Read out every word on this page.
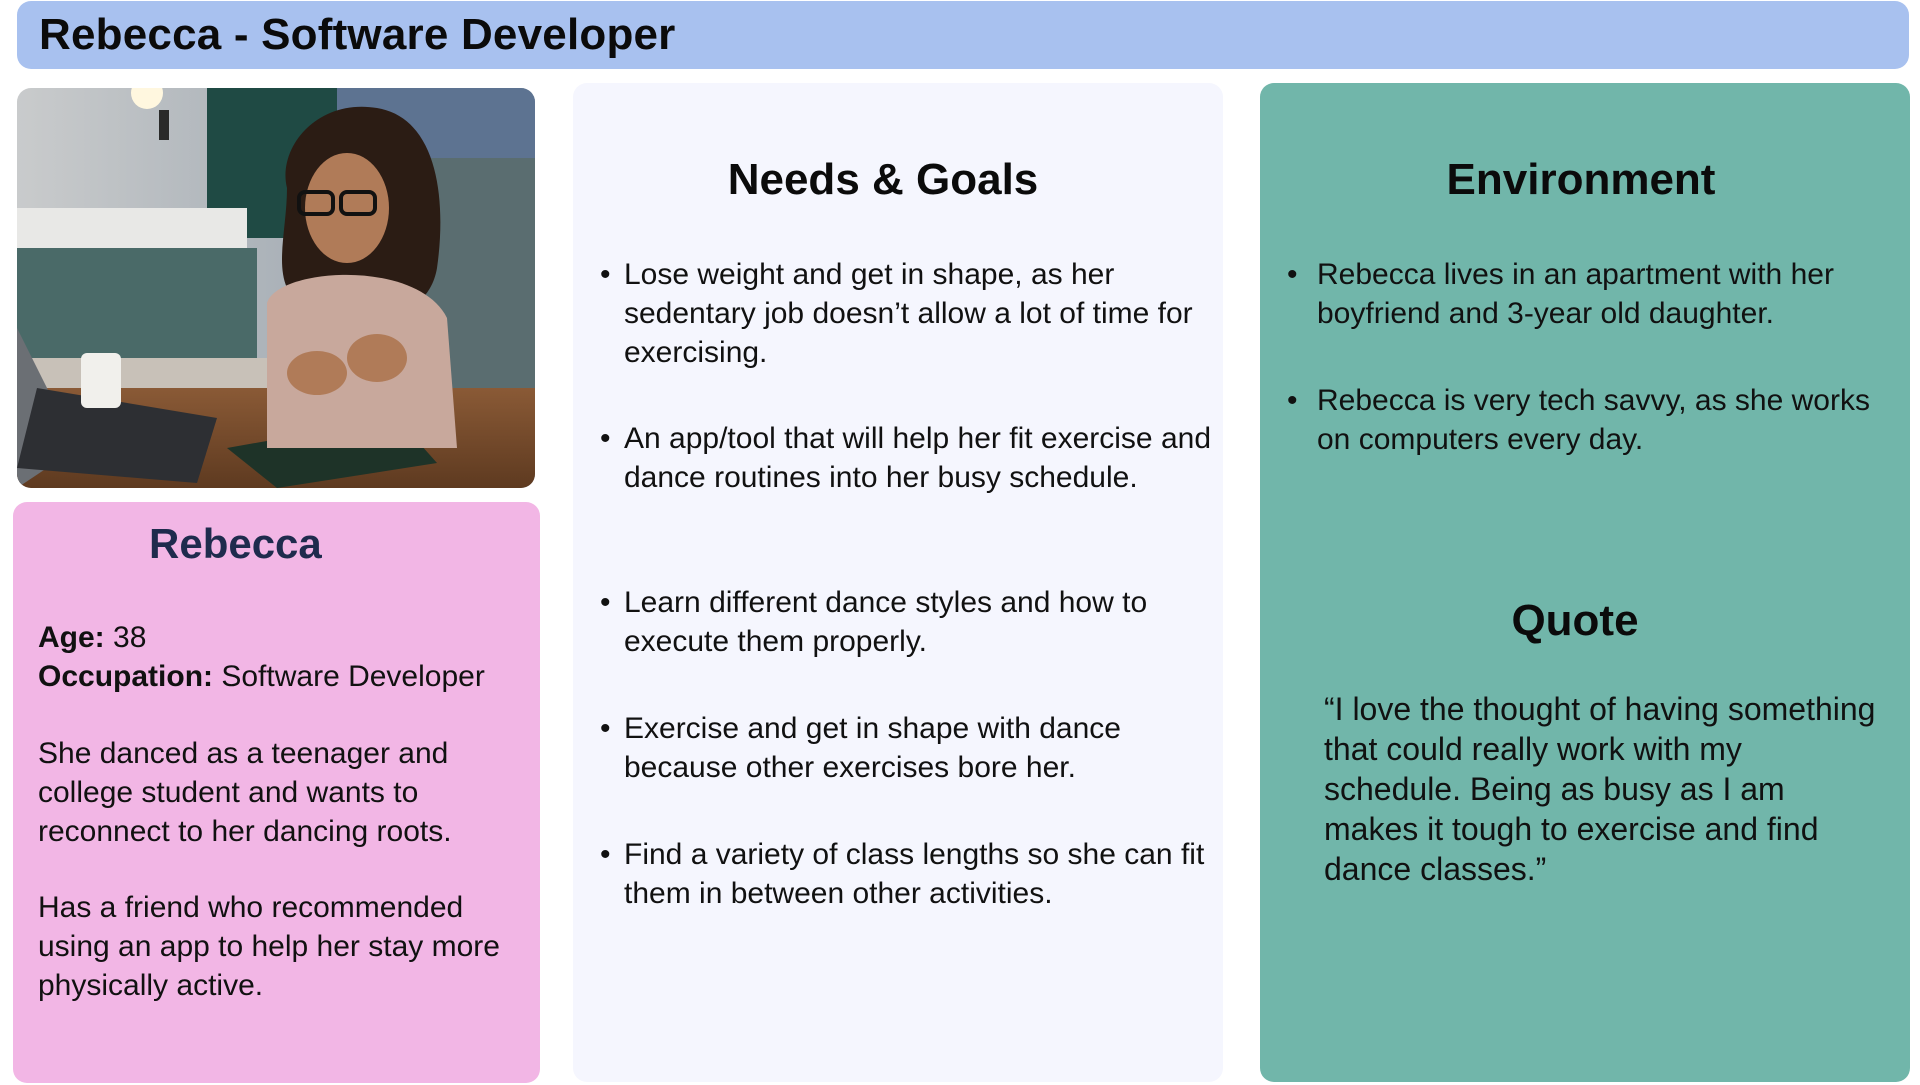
Rebecca - Software Developer
Rebecca
Age: 38
Occupation: Software Developer

She danced as a teenager and college student and wants to reconnect to her dancing roots.

Has a friend who recommended using an app to help her stay more physically active.

Needs & Goals
• Lose weight and get in shape, as her sedentary job doesn’t allow a lot of time for exercising.
• An app/tool that will help her fit exercise and dance routines into her busy schedule.
• Learn different dance styles and how to execute them properly.
• Exercise and get in shape with dance because other exercises bore her.
• Find a variety of class lengths so she can fit them in between other activities.
Environment
• Rebecca lives in an apartment with her boyfriend and 3-year old daughter.
• Rebecca is very tech savvy, as she works on computers every day.
Quote

“I love the thought of having something that could really work with my schedule. Being as busy as I am makes it tough to exercise and find dance classes.”
